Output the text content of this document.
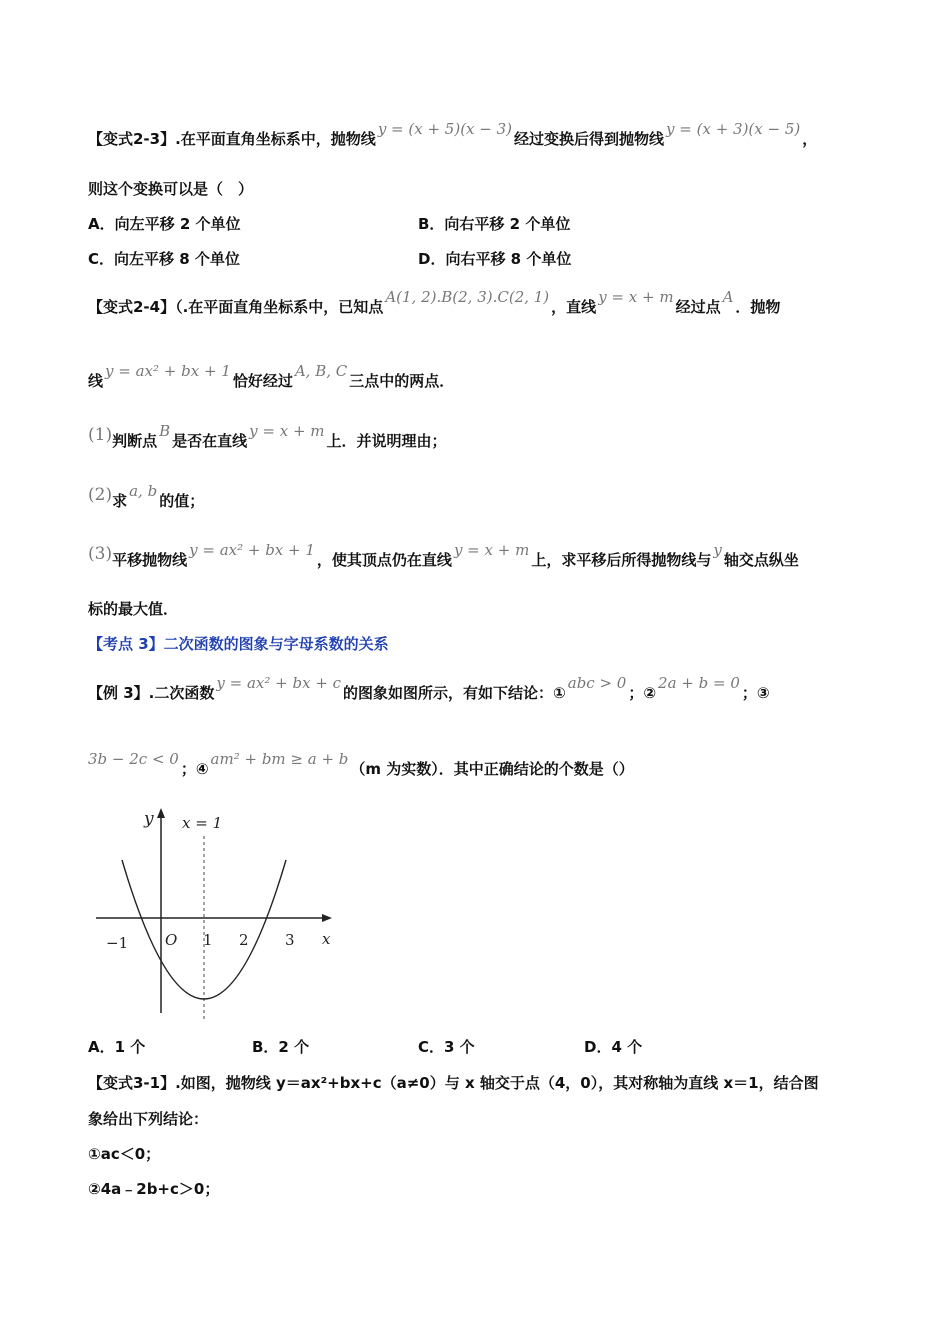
【变式2-3】.在平面直角坐标系中，抛物线y = (x + 5)(x − 3)经过变换后得到抛物线y = (x + 3)(x − 5)，
则这个变换可以是（　）
A．向左平移 2 个单位	B．向右平移 2 个单位
C．向左平移 8 个单位	D．向右平移 8 个单位
【变式2-4】（.在平面直角坐标系中，已知点A(1, 2).B(2, 3).C(2, 1)，直线y = x + m经过点A．抛物
线y = ax² + bx + 1恰好经过A, B, C三点中的两点．
(1)判断点B是否在直线y = x + m上．并说明理由；
(2)求a, b的值；
(3)平移抛物线y = ax² + bx + 1，使其顶点仍在直线y = x + m上，求平移后所得抛物线与y轴交点纵坐
标的最大值．
【考点 3】二次函数的图象与字母系数的关系
【例 3】.二次函数y = ax² + bx + c的图象如图所示，有如下结论：①abc > 0；②2a + b = 0；③
3b − 2c < 0；④am² + bm ≥ a + b（m 为实数）．其中正确结论的个数是（）
y
x
x = 1
O
−1	1 2 3
A．1 个	B．2 个	C．3 个	D．4 个
【变式3-1】.如图，抛物线 y＝ax²+bx+c（a≠0）与 x 轴交于点（4，0），其对称轴为直线 x＝1，结合图
象给出下列结论：
①ac＜0；
②4a﹣2b+c＞0；
